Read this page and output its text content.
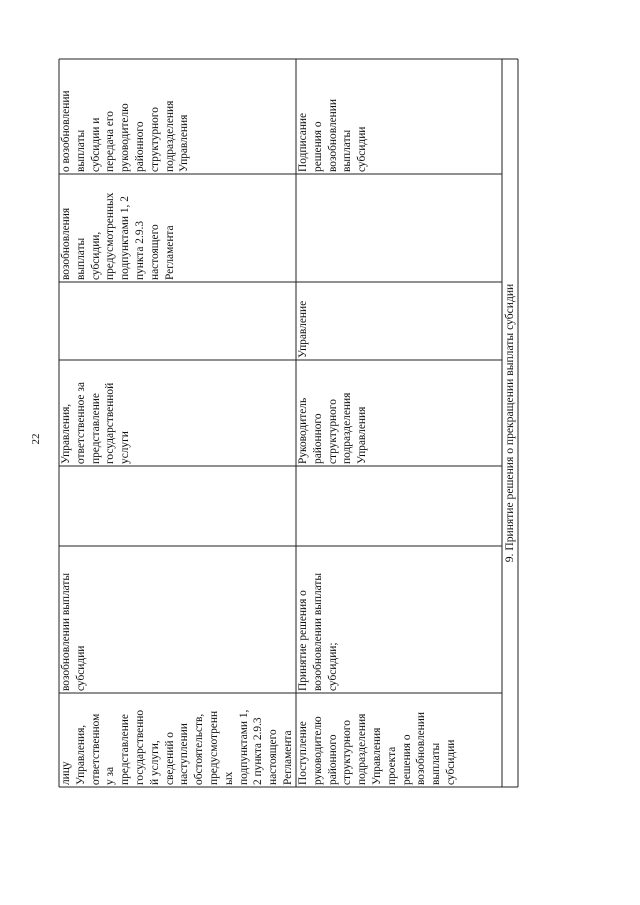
22
лицу Управления, ответственном у за представление государственно й услуги, сведений о наступлении обстоятельств, предусмотренн ых подпунктами 1, 2 пункта 2.9.3 настоящего Регламента
возобновлении выплаты субсидии
Управления, ответственное за представление государственной услуги
возобновления выплаты субсидии, предусмотренных подпунктами 1, 2 пункта 2.9.3 настоящего Регламента
о возобновлении выплаты субсидии и передача его руководителю районного структурного подразделения Управления
Поступление руководителю районного структурного подразделения Управления проекта решения о возобновлении выплаты субсидии
Принятие решения о возобновлении выплаты субсидии;
Руководитель районного структурного подразделения Управления
Управление
Подписание решения о возобновлении выплаты субсидии
9. Принятие решения о прекращении выплаты субсидии
